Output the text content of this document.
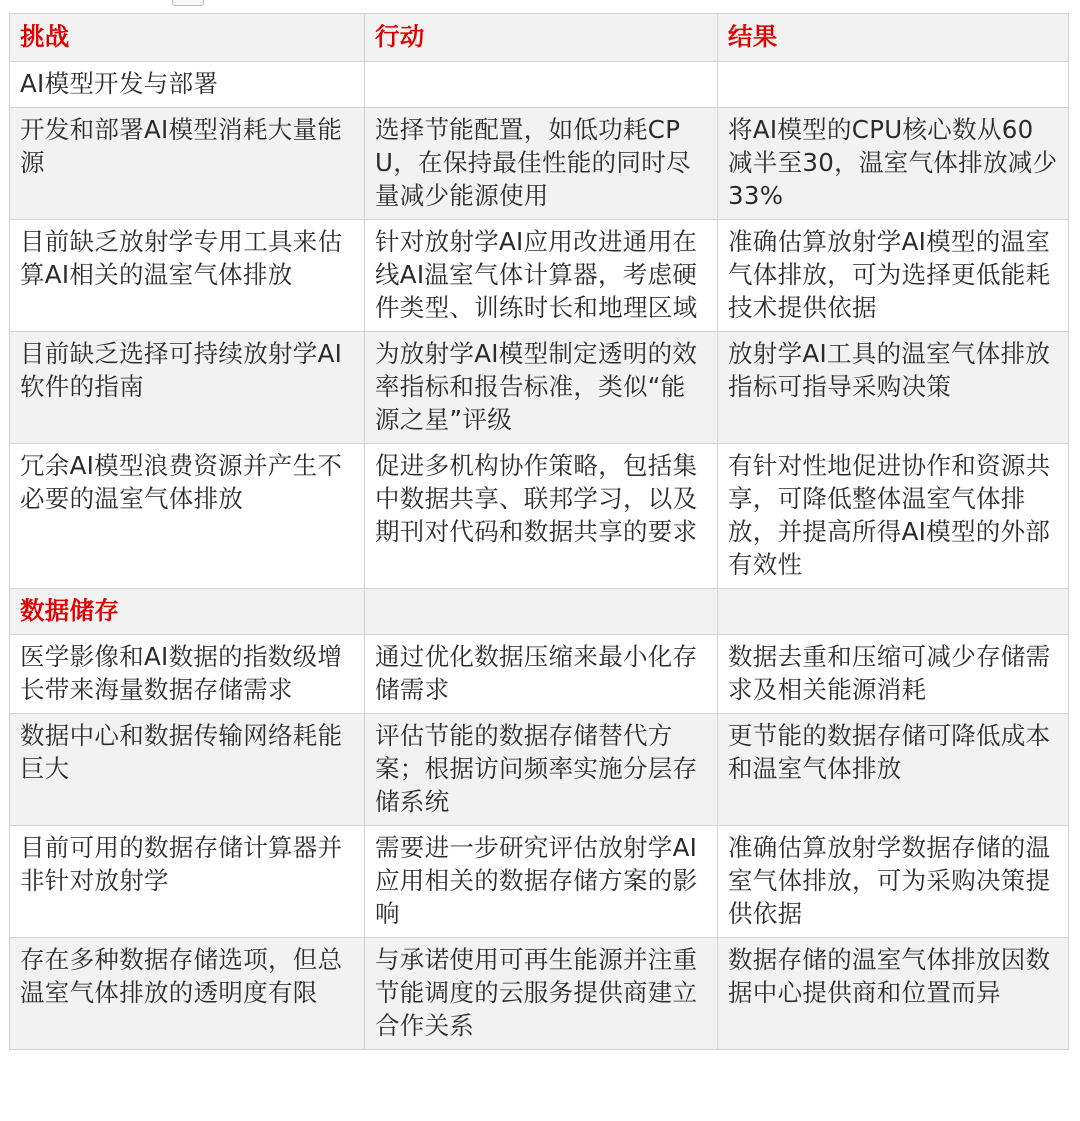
挑战	行动	结果
AI模型开发与部署		
开发和部署AI模型消耗大量能源	选择节能配置，如低功耗CPU，在保持最佳性能的同时尽量减少能源使用	将AI模型的CPU核心数从60减半至30，温室气体排放减少33%
目前缺乏放射学专用工具来估算AI相关的温室气体排放	针对放射学AI应用改进通用在线AI温室气体计算器，考虑硬件类型、训练时长和地理区域	准确估算放射学AI模型的温室气体排放，可为选择更低能耗技术提供依据
目前缺乏选择可持续放射学AI软件的指南	为放射学AI模型制定透明的效率指标和报告标准，类似“能源之星”评级	放射学AI工具的温室气体排放指标可指导采购决策
冗余AI模型浪费资源并产生不必要的温室气体排放	促进多机构协作策略，包括集中数据共享、联邦学习，以及期刊对代码和数据共享的要求	有针对性地促进协作和资源共享，可降低整体温室气体排放，并提高所得AI模型的外部有效性
数据储存		
医学影像和AI数据的指数级增长带来海量数据存储需求	通过优化数据压缩来最小化存储需求	数据去重和压缩可减少存储需求及相关能源消耗
数据中心和数据传输网络耗能巨大	评估节能的数据存储替代方案；根据访问频率实施分层存储系统	更节能的数据存储可降低成本和温室气体排放
目前可用的数据存储计算器并非针对放射学	需要进一步研究评估放射学AI应用相关的数据存储方案的影响	准确估算放射学数据存储的温室气体排放，可为采购决策提供依据
存在多种数据存储选项，但总温室气体排放的透明度有限	与承诺使用可再生能源并注重节能调度的云服务提供商建立合作关系	数据存储的温室气体排放因数据中心提供商和位置而异
